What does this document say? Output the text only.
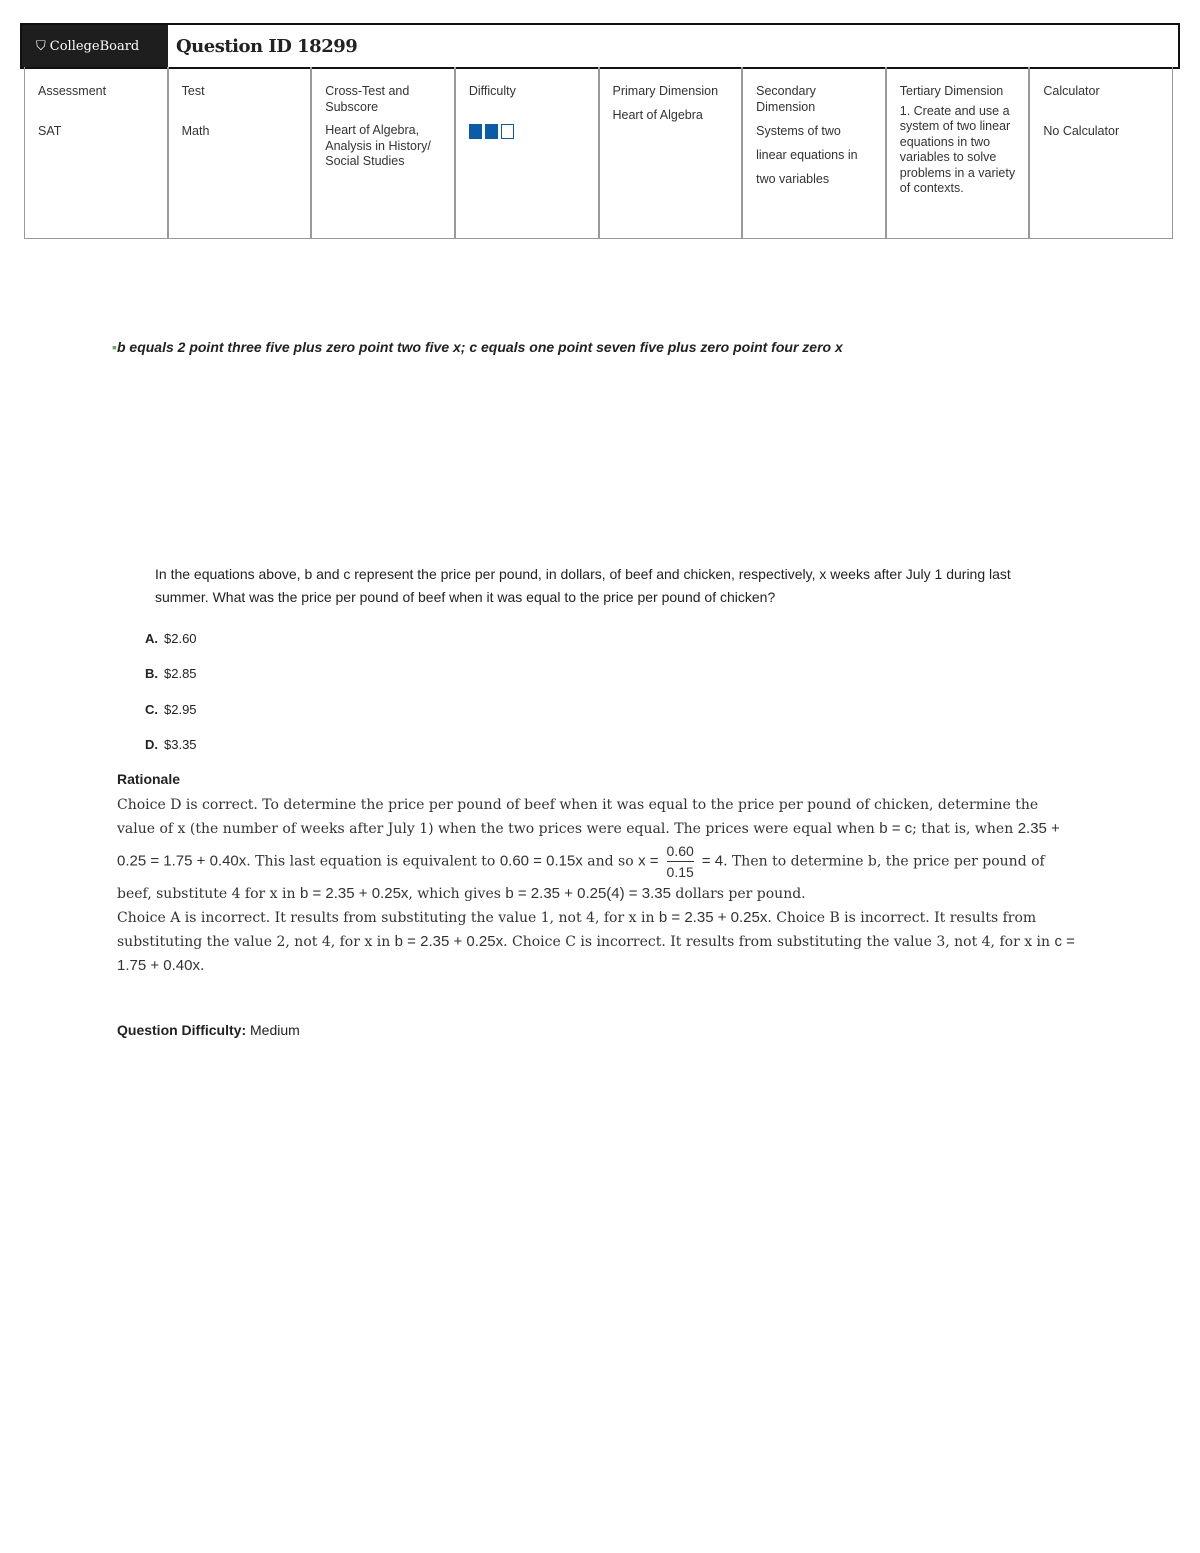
⛉ CollegeBoard	Question ID 18299
Assessment
SAT
Test
Math
Cross-Test and Subscore
Heart of Algebra, Analysis in History/ Social Studies
Difficulty	Primary Dimension
Heart of Algebra
Secondary Dimension
Systems of two linear equations in two variables
Tertiary Dimension
1. Create and use a system of two linear equations in two variables to solve problems in a variety of contexts.
Calculator
No Calculator
▪b equals 2 point three five plus zero point two five x; c equals one point seven five plus zero point four zero x
In the equations above, b and c represent the price per pound, in dollars, of beef and chicken, respectively, x weeks after July 1 during last summer. What was the price per pound of beef when it was equal to the price per pound of chicken?
A. $2.60
B. $2.85
C. $2.95
D. $3.35
Rationale
Choice D is correct. To determine the price per pound of beef when it was equal to the price per pound of chicken, determine the value of x (the number of weeks after July 1) when the two prices were equal. The prices were equal when b = c; that is, when 2.35 + 0.25 = 1.75 + 0.40x. This last equation is equivalent to 0.60 = 0.15x and so $x = \frac{0.60}{0.15} = 4$. Then to determine b, the price per pound of beef, substitute 4 for x in b = 2.35 + 0.25x, which gives b = 2.35 + 0.25(4) = 3.35 dollars per pound.
Choice A is incorrect. It results from substituting the value 1, not 4, for x in b = 2.35 + 0.25x. Choice B is incorrect. It results from substituting the value 2, not 4, for x in b = 2.35 + 0.25x. Choice C is incorrect. It results from substituting the value 3, not 4, for x in c = 1.75 + 0.40x.
Question Difficulty: Medium
